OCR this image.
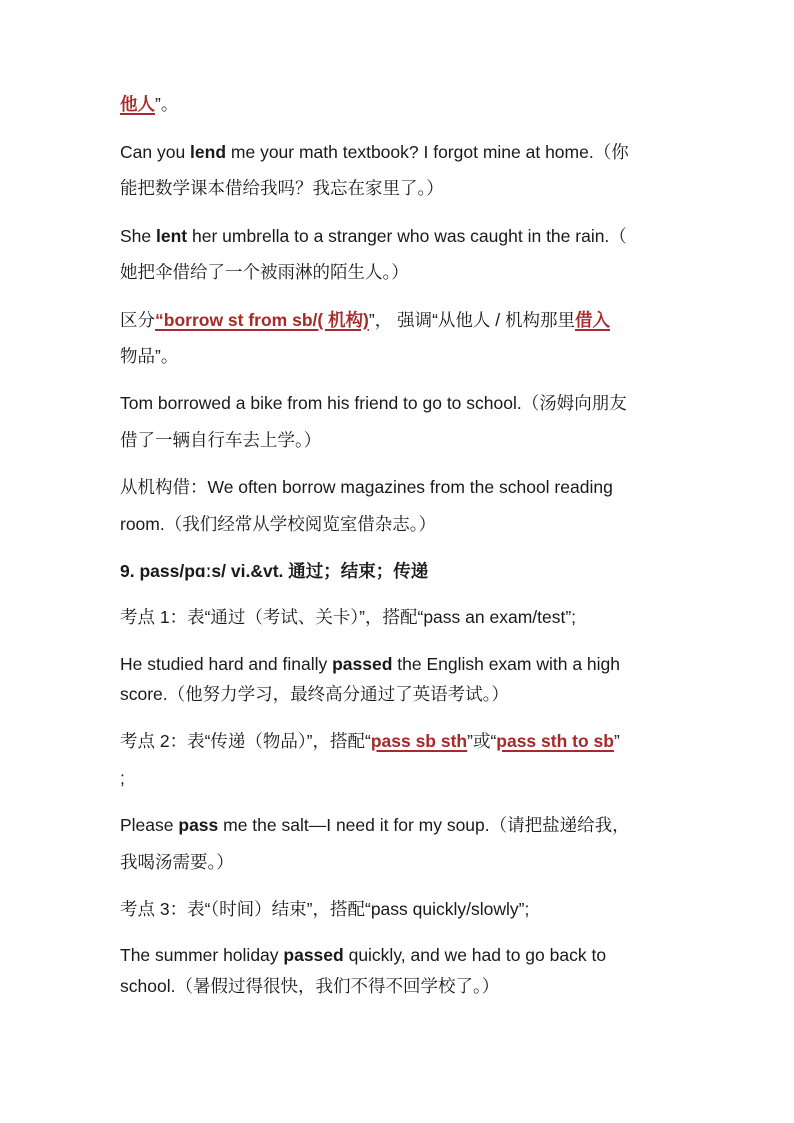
他人”。
Can you lend me your math textbook? I forgot mine at home.（你
能把数学课本借给我吗？我忘在家里了。）
She lent her umbrella to a stranger who was caught in the rain.（
她把伞借给了一个被雨淋的陌生人。）
区分“borrow st from sb/( 机构)”， 强调“从他人 / 机构那里借入
物品”。
Tom borrowed a bike from his friend to go to school.（汤姆向朋友
借了一辆自行车去上学。）
从机构借：We often borrow magazines from the school reading
room.（我们经常从学校阅览室借杂志。）
9. pass/pɑːs/ vi.&vt. 通过；结束；传递
考点 1：表“通过（考试、关卡）”，搭配“pass an exam/test”;
He studied hard and finally passed the English exam with a high
score.（他努力学习，最终高分通过了英语考试。）
考点 2：表“传递（物品）”，搭配“pass sb sth”或“pass sth to sb”
;
Please pass me the salt—I need it for my soup.（请把盐递给我，
我喝汤需要。）
考点 3：表“（时间）结束”，搭配“pass quickly/slowly”;
The summer holiday passed quickly, and we had to go back to
school.（暑假过得很快，我们不得不回学校了。）
